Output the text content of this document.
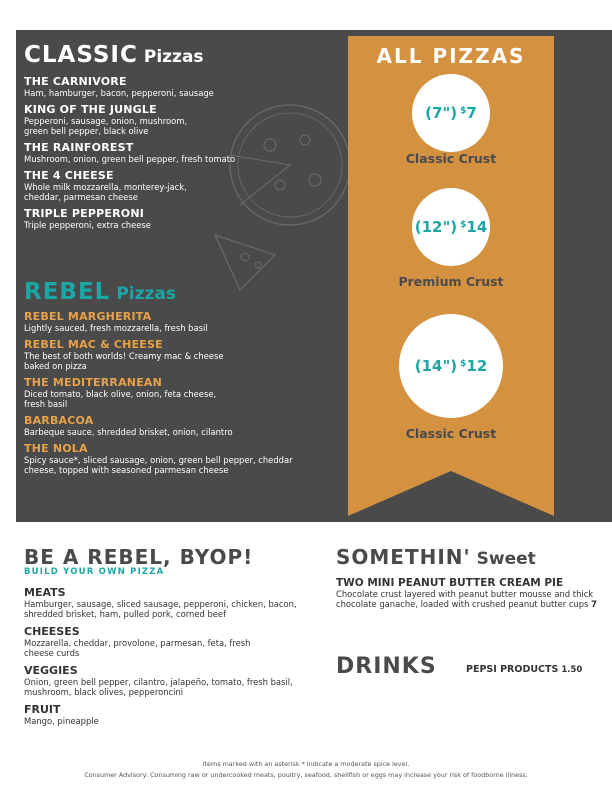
CLASSIC Pizzas
THE CARNIVORE
Ham, hamburger, bacon, pepperoni, sausage
KING OF THE JUNGLE
Pepperoni, sausage, onion, mushroom, green bell pepper, black olive
THE RAINFOREST
Mushroom, onion, green bell pepper, fresh tomato
THE 4 CHEESE
Whole milk mozzarella, monterey-jack, cheddar, parmesan cheese
TRIPLE PEPPERONI
Triple pepperoni, extra cheese
REBEL Pizzas
REBEL MARGHERITA
Lightly sauced, fresh mozzarella, fresh basil
REBEL MAC & CHEESE
The best of both worlds! Creamy mac & cheese baked on pizza
THE MEDITERRANEAN
Diced tomato, black olive, onion, feta cheese, fresh basil
BARBACOA
Barbeque sauce, shredded brisket, onion, cilantro
THE NOLA
Spicy sauce*, sliced sausage, onion, green bell pepper, cheddar cheese, topped with seasoned parmesan cheese
ALL PIZZAS
(7") $ 7
Classic Crust
(12") $ 14
Premium Crust
(14") $ 12
Classic Crust
BE A REBEL, BYOP!
BUILD YOUR OWN PIZZA
MEATS
Hamburger, sausage, sliced sausage, pepperoni, chicken, bacon, shredded brisket, ham, pulled pork, corned beef
CHEESES
Mozzarella, cheddar, provolone, parmesan, feta, fresh cheese curds
VEGGIES
Onion, green bell pepper, cilantro, jalapeño, tomato, fresh basil, mushroom, black olives, pepperoncini
FRUIT
Mango, pineapple
SOMETHIN' Sweet
TWO MINI PEANUT BUTTER CREAM PIE
Chocolate crust layered with peanut butter mousse and thick chocolate ganache, loaded with crushed peanut butter cups 7
DRINKS	PEPSI PRODUCTS 1.50
Items marked with an asterisk * indicate a moderate spice level.
Consumer Advisory: Consuming raw or undercooked meats, poultry, seafood, shellfish or eggs may increase your risk of foodborne illness.
